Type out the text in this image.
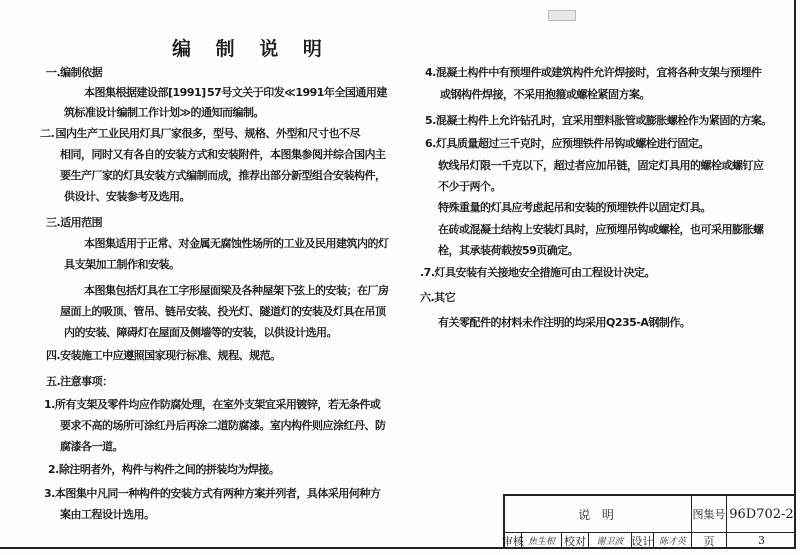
编 制 说 明
一.编制依据
本图集根据建设部[1991] 57号文关于印发≪1991年全国通用建
筑标准设计编制工作计划≫的通知而编制。
二. 国内生产工业民用灯具厂家很多，型号、规格、外型和尺寸也不尽
相同，同时又有各自的安装方式和安装附件，本图集参阅并综合国内主
要生产厂家的灯具安装方式编制而成，推荐出部分新型组合安装构件，
供设计、安装参考及选用。
三.适用范围
本图集适用于正常、对金属无腐蚀性场所的工业及民用建筑内的灯
具支架加工制作和安装。
本图集包括灯具在工字形屋面梁及各种屋架下弦上的安装；在厂房
屋面上的吸顶、管吊、链吊安装、投光灯、隧道灯的安装及灯具在吊顶
内的安装、障碍灯在屋面及侧墙等的安装，以供设计选用。
四.安装施工中应遵照国家现行标准、规程、规范。
五.注意事项：
1.所有支架及零件均应作防腐处理，在室外支架宜采用镀锌，若无条件或
要求不高的场所可涂红丹后再涂二道防腐漆。室内构件则应涂红丹、防
腐漆各一道。
2.除注明者外，构件与构件之间的拼装均为焊接。
3.本图集中凡同一种构件的安装方式有两种方案并列者，具体采用何种方
案由工程设计选用。
4.混凝土构件中有预埋件或建筑构件允许焊接时，宜将各种支架与预埋件
或钢构件焊接，不采用抱箍或螺栓紧固方案。
5.混凝土构件上允许钻孔时，宜采用塑料胀管或膨胀螺栓作为紧固的方案。
6.灯具质量超过三千克时，应预埋铁件吊钩或螺栓进行固定。
软线吊灯限一千克以下，超过者应加吊链，固定灯具用的螺栓或螺钉应
不少于两个。
特殊重量的灯具应考虑起吊和安装的预埋铁件以固定灯具。
在砖或混凝土结构上安装灯具时，应预埋吊钩或螺栓，也可采用膨胀螺
栓，其承装荷载按59页确定。
.7.灯具安装有关接地安全措施可由工程设计决定。
六.其它
有关零配件的材料未作注明的均采用Q235-A钢制作。
说 明	图集号 96D702-2
审核 焦生根 校对	谢卫波 设计 陈才英	页	3
